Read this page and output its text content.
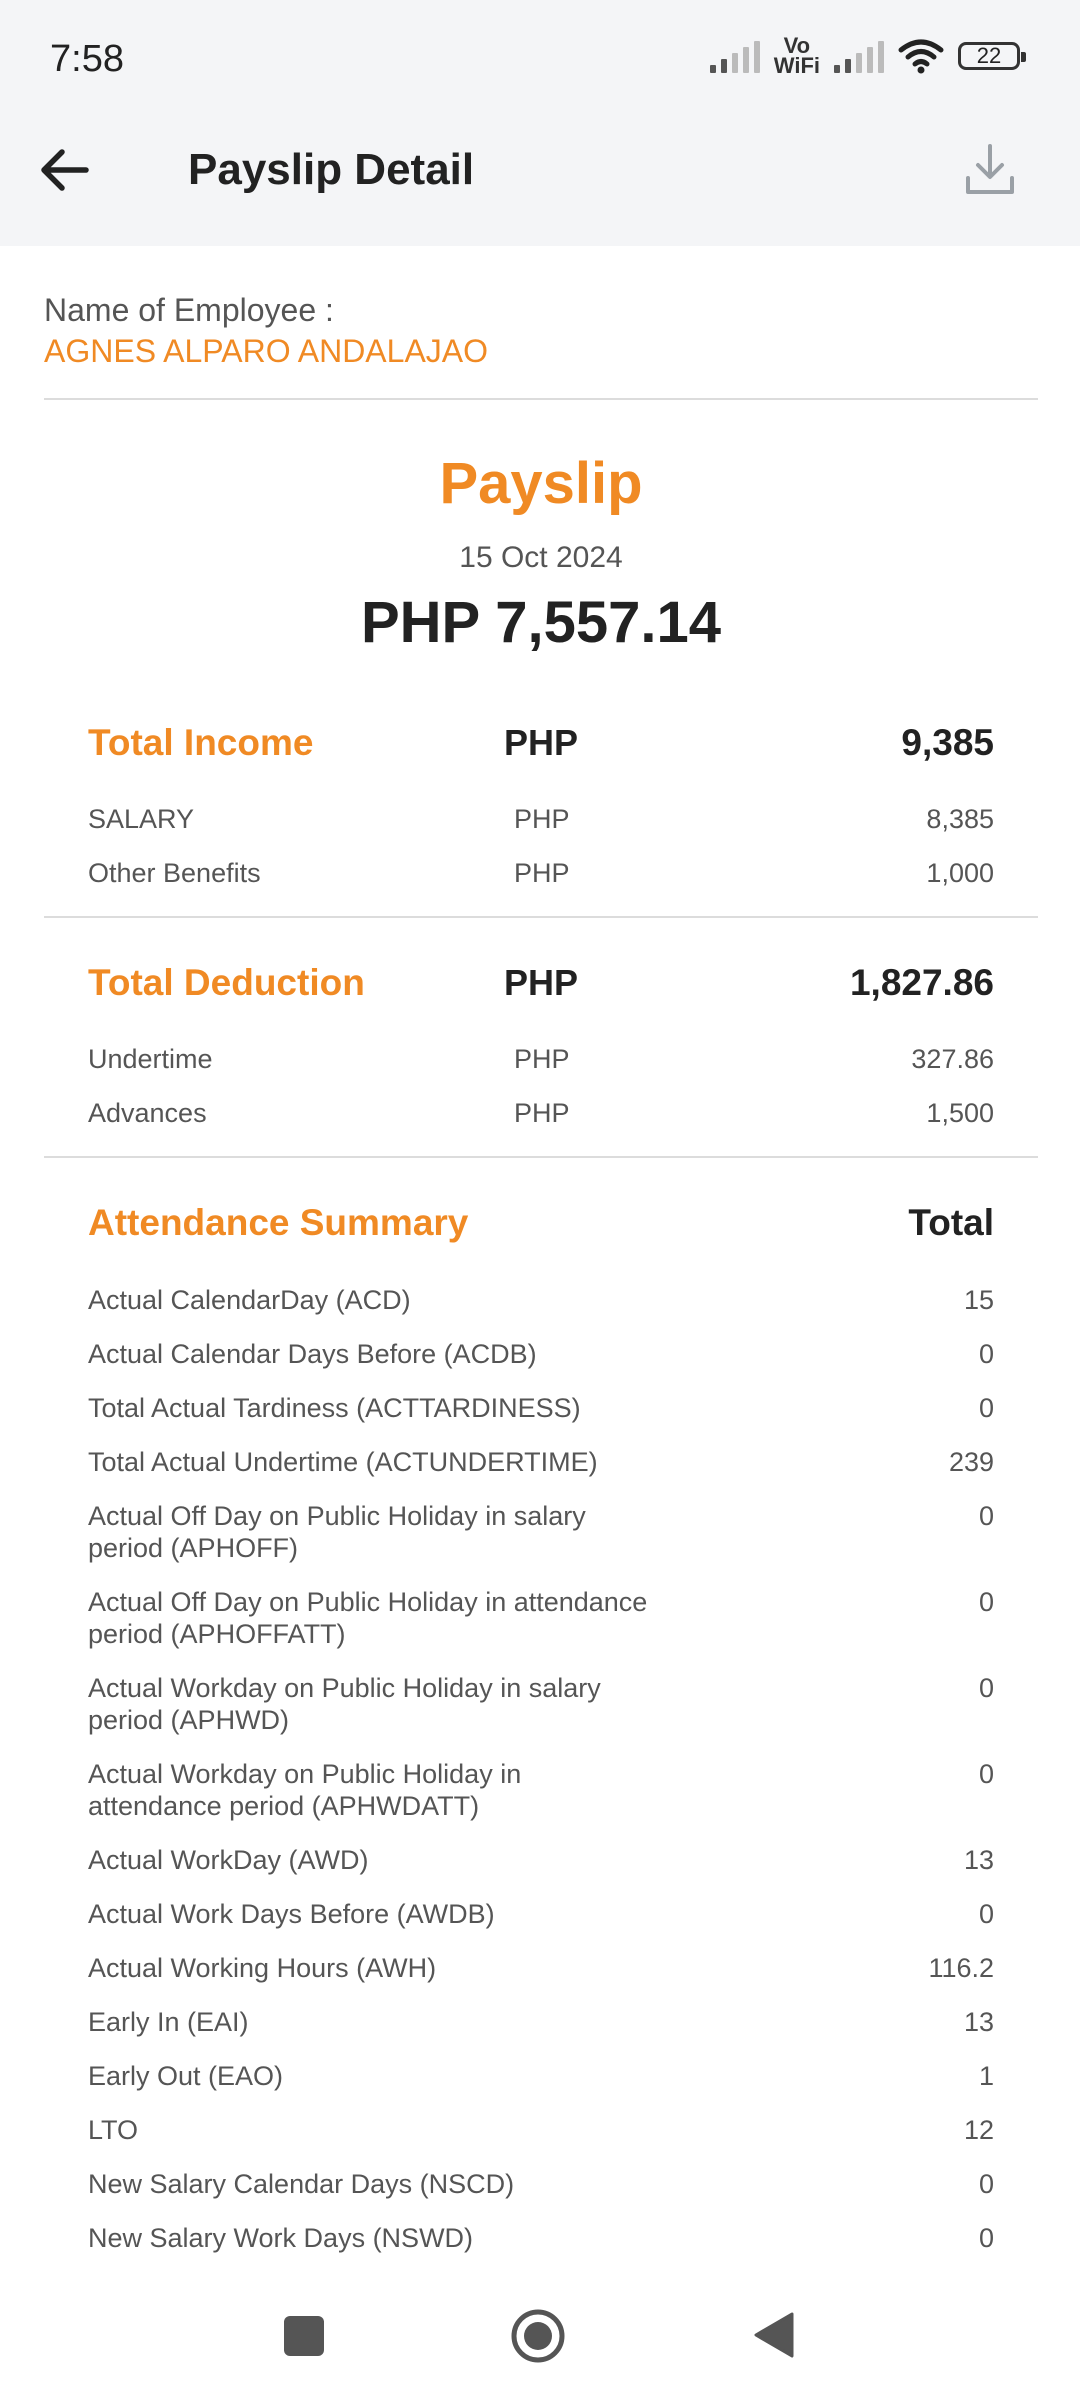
7:58	Vo
WiFi	22
Payslip Detail
Name of Employee :
AGNES ALPARO ANDALAJAO
Payslip
15 Oct 2024
PHP 7,557.14
Total Income	PHP	9,385
SALARY	PHP	8,385
Other Benefits	PHP	1,000
Total Deduction	PHP	1,827.86
Undertime	PHP	327.86
Advances	PHP	1,500
Attendance Summary	Total
Actual CalendarDay (ACD)	15
Actual Calendar Days Before (ACDB)	0
Total Actual Tardiness (ACTTARDINESS)	0
Total Actual Undertime (ACTUNDERTIME)	239
Actual Off Day on Public Holiday in salary period (APHOFF)
0
Actual Off Day on Public Holiday in attendance period (APHOFFATT)
0
Actual Workday on Public Holiday in salary period (APHWD)
0
Actual Workday on Public Holiday in attendance period (APHWDATT)
0
Actual WorkDay (AWD)	13
Actual Work Days Before (AWDB)	0
Actual Working Hours (AWH)	116.2
Early In (EAI)	13
Early Out (EAO)	1
LTO	12
New Salary Calendar Days (NSCD)	0
New Salary Work Days (NSWD)	0
